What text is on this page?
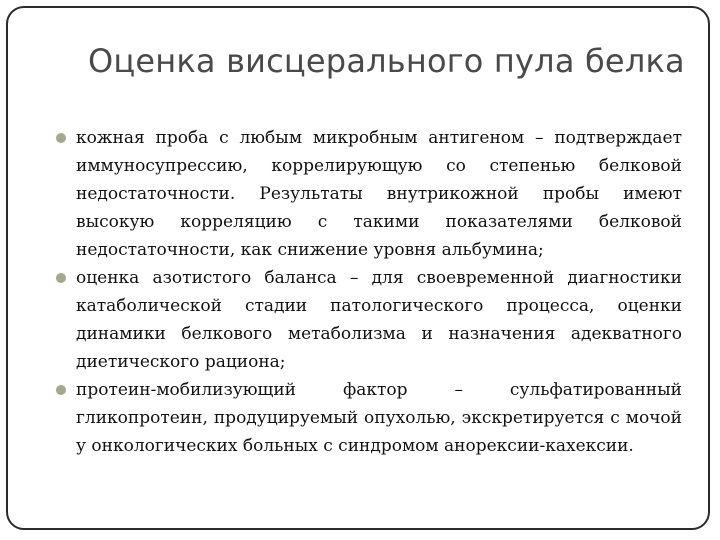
Оценка висцерального пула белка
кожная проба с любым микробным антигеном – подтверждает иммуносупрессию, коррелирующую со степенью белковой недостаточности. Результаты внутрикожной пробы имеют высокую корреляцию с такими показателями белковой недостаточности, как снижение уровня альбумина;
оценка азотистого баланса – для своевременной диагностики катаболической стадии патологического процесса, оценки динамики белкового метаболизма и назначения адекватного диетического рациона;
протеин-мобилизующий фактор – сульфатированный гликопротеин, продуцируемый опухолью, экскретируется с мочой у онкологических больных с синдромом анорексии-кахексии.
